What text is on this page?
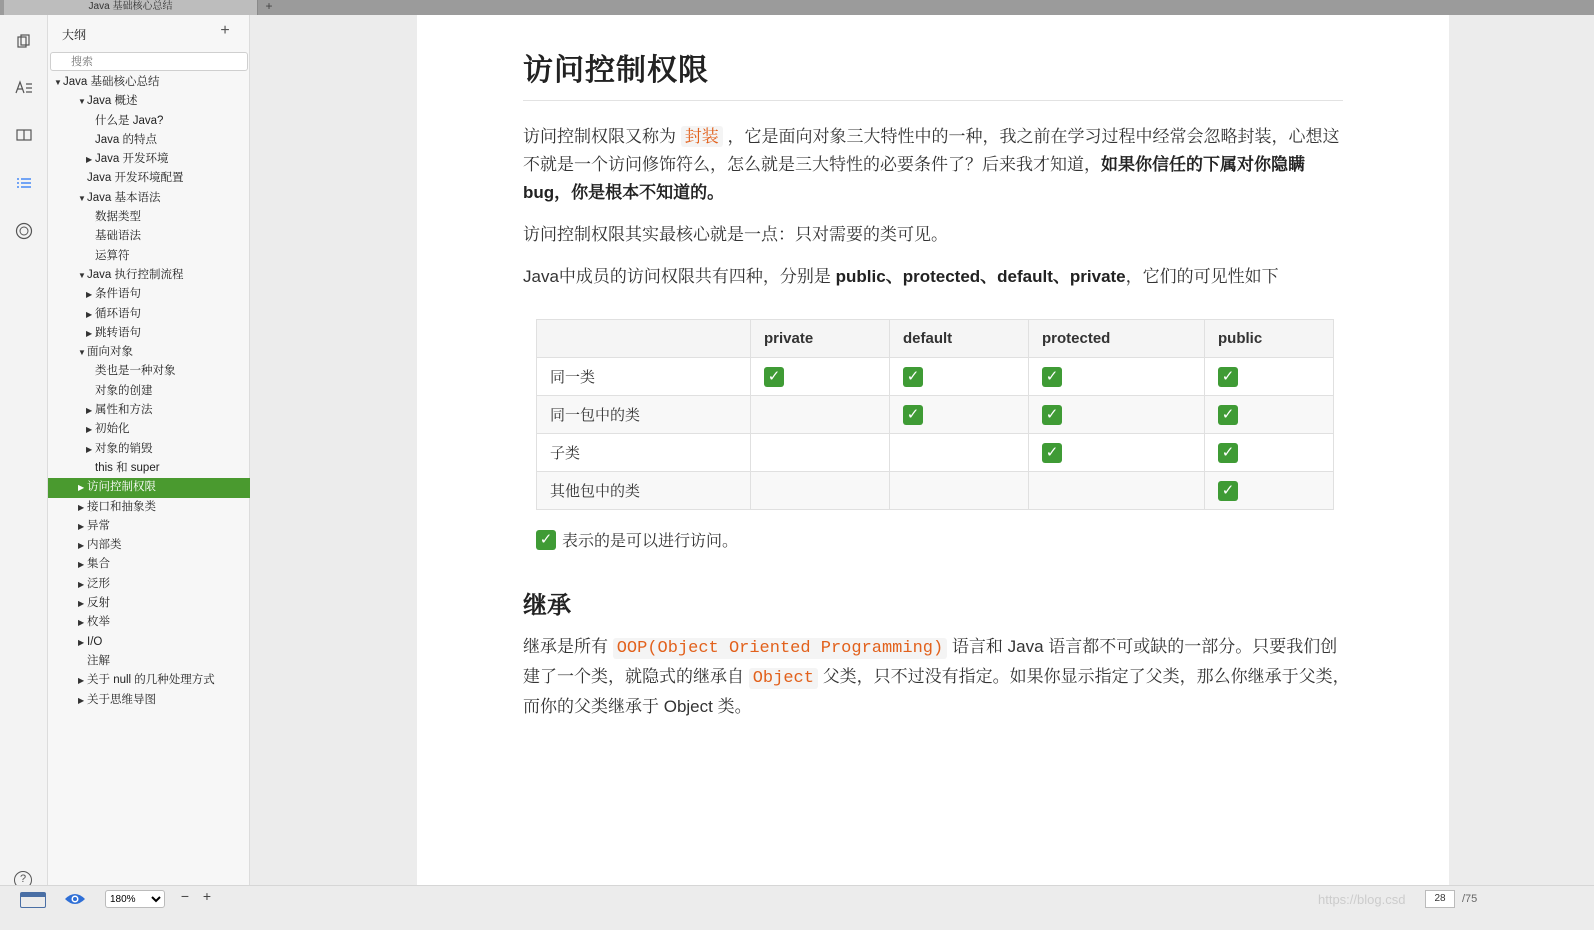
Java 基础核心总结	+
?
大纲	+
搜索
▼Java 基础核心总结
▼Java 概述
什么是 Java?
Java 的特点
▶ Java 开发环境
Java 开发环境配置
▼Java 基本语法
数据类型
基础语法
运算符
▼Java 执行控制流程
▶ 条件语句
▶ 循环语句
▶ 跳转语句
▼面向对象
类也是一种对象
对象的创建
▶ 属性和方法
▶ 初始化
▶ 对象的销毁
this 和 super
▶ 访问控制权限
▶ 接口和抽象类
▶ 异常
▶ 内部类
▶ 集合
▶ 泛形
▶ 反射
▶ 枚举
▶ I/O
注解
▶ 关于 null 的几种处理方式
▶ 关于思维导图
访问控制权限
访问控制权限又称为 封装 ，它是面向对象三大特性中的一种，我之前在学习过程中经常会忽略封装，心想这不就是一个访问修饰符么，怎么就是三大特性的必要条件了？后来我才知道，如果你信任的下属对你隐瞒 bug，你是根本不知道的。
访问控制权限其实最核心就是一点：只对需要的类可见。
Java中成员的访问权限共有四种，分别是 public、protected、default、private，它们的可见性如下
	private	default	protected	public
同一类	✓	✓	✓	✓
同一包中的类		✓	✓	✓
子类			✓	✓
其他包中的类				✓
✓ 表示的是可以进行访问。
继承
继承是所有 OOP(Object Oriented Programming) 语言和 Java 语言都不可或缺的一部分。只要我们创建了一个类，就隐式的继承自 Object 父类，只不过没有指定。如果你显示指定了父类，那么你继承于父类，而你的父类继承于 Object 类。
180%
− +	https://blog.csd	28	/75
